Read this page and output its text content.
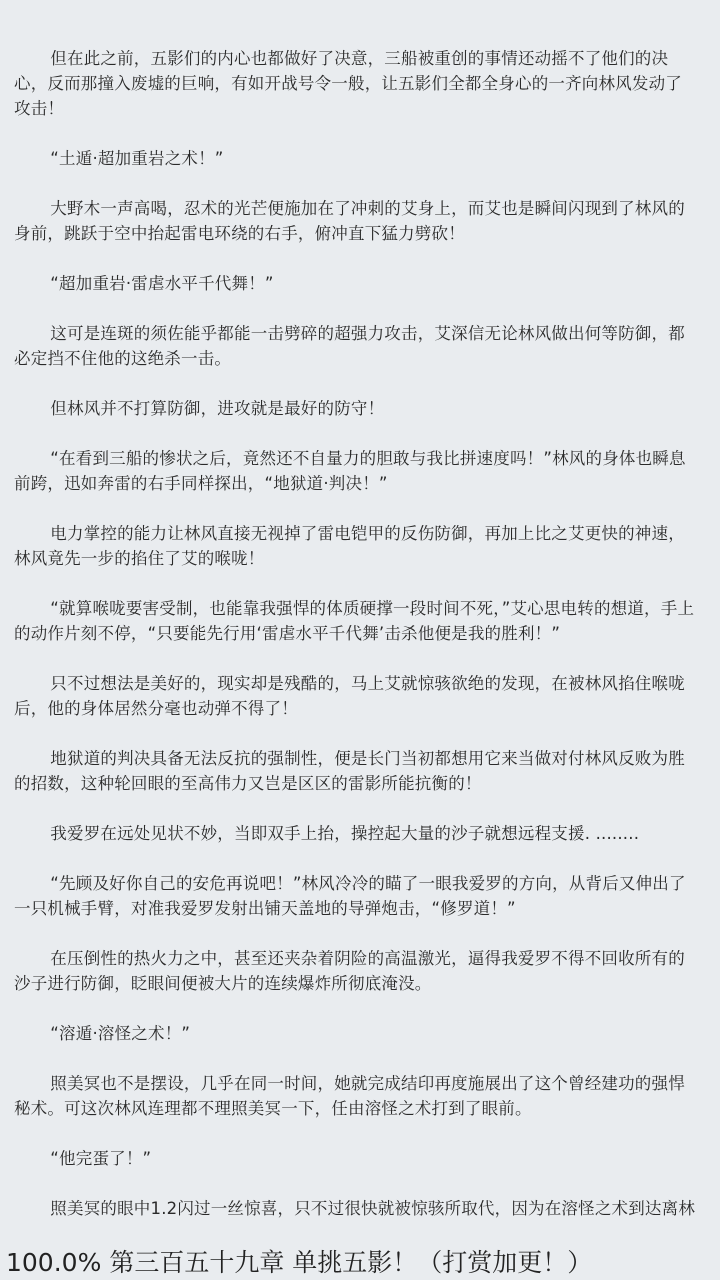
但在此之前，五影们的内心也都做好了决意，三船被重创的事情还动摇不了他们的决心，反而那撞入废墟的巨响，有如开战号令一般，让五影们全都全身心的一齐向林风发动了攻击！

“土遁·超加重岩之术！”

大野木一声高喝，忍术的光芒便施加在了冲刺的艾身上，而艾也是瞬间闪现到了林风的身前，跳跃于空中抬起雷电环绕的右手，俯冲直下猛力劈砍！

“超加重岩·雷虐水平千代舞！”

这可是连斑的须佐能乎都能一击劈碎的超强力攻击，艾深信无论林风做出何等防御，都必定挡不住他的这绝杀一击。

但林风并不打算防御，进攻就是最好的防守！

“在看到三船的惨状之后，竟然还不自量力的胆敢与我比拼速度吗！”林风的身体也瞬息前跨，迅如奔雷的右手同样探出，“地狱道·判决！”

电力掌控的能力让林风直接无视掉了雷电铠甲的反伤防御，再加上比之艾更快的神速，林风竟先一步的掐住了艾的喉咙！

“就算喉咙要害受制，也能靠我强悍的体质硬撑一段时间不死，”艾心思电转的想道，手上的动作片刻不停，“只要能先行用‘雷虐水平千代舞’击杀他便是我的胜利！”

只不过想法是美好的，现实却是残酷的，马上艾就惊骇欲绝的发现，在被林风掐住喉咙后，他的身体居然分毫也动弹不得了！

地狱道的判决具备无法反抗的强制性，便是长门当初都想用它来当做对付林风反败为胜的招数，这种轮回眼的至高伟力又岂是区区的雷影所能抗衡的！

我爱罗在远处见状不妙，当即双手上抬，操控起大量的沙子就想远程支援. ........

“先顾及好你自己的安危再说吧！”林风冷冷的瞄了一眼我爱罗的方向，从背后又伸出了一只机械手臂，对准我爱罗发射出铺天盖地的导弹炮击，“修罗道！”

在压倒性的热火力之中，甚至还夹杂着阴险的高温激光，逼得我爱罗不得不回收所有的沙子进行防御，眨眼间便被大片的连续爆炸所彻底淹没。

“溶遁·溶怪之术！”

照美冥也不是摆设，几乎在同一时间，她就完成结印再度施展出了这个曾经建功的强悍秘术。可这次林风连理都不理照美冥一下，任由溶怪之术打到了眼前。

“他完蛋了！”

照美冥的眼中1.2闪过一丝惊喜，只不过很快就被惊骇所取代，因为在溶怪之术到达离林

100.0% 第三百五十九章 单挑五影！（打赏加更！）
